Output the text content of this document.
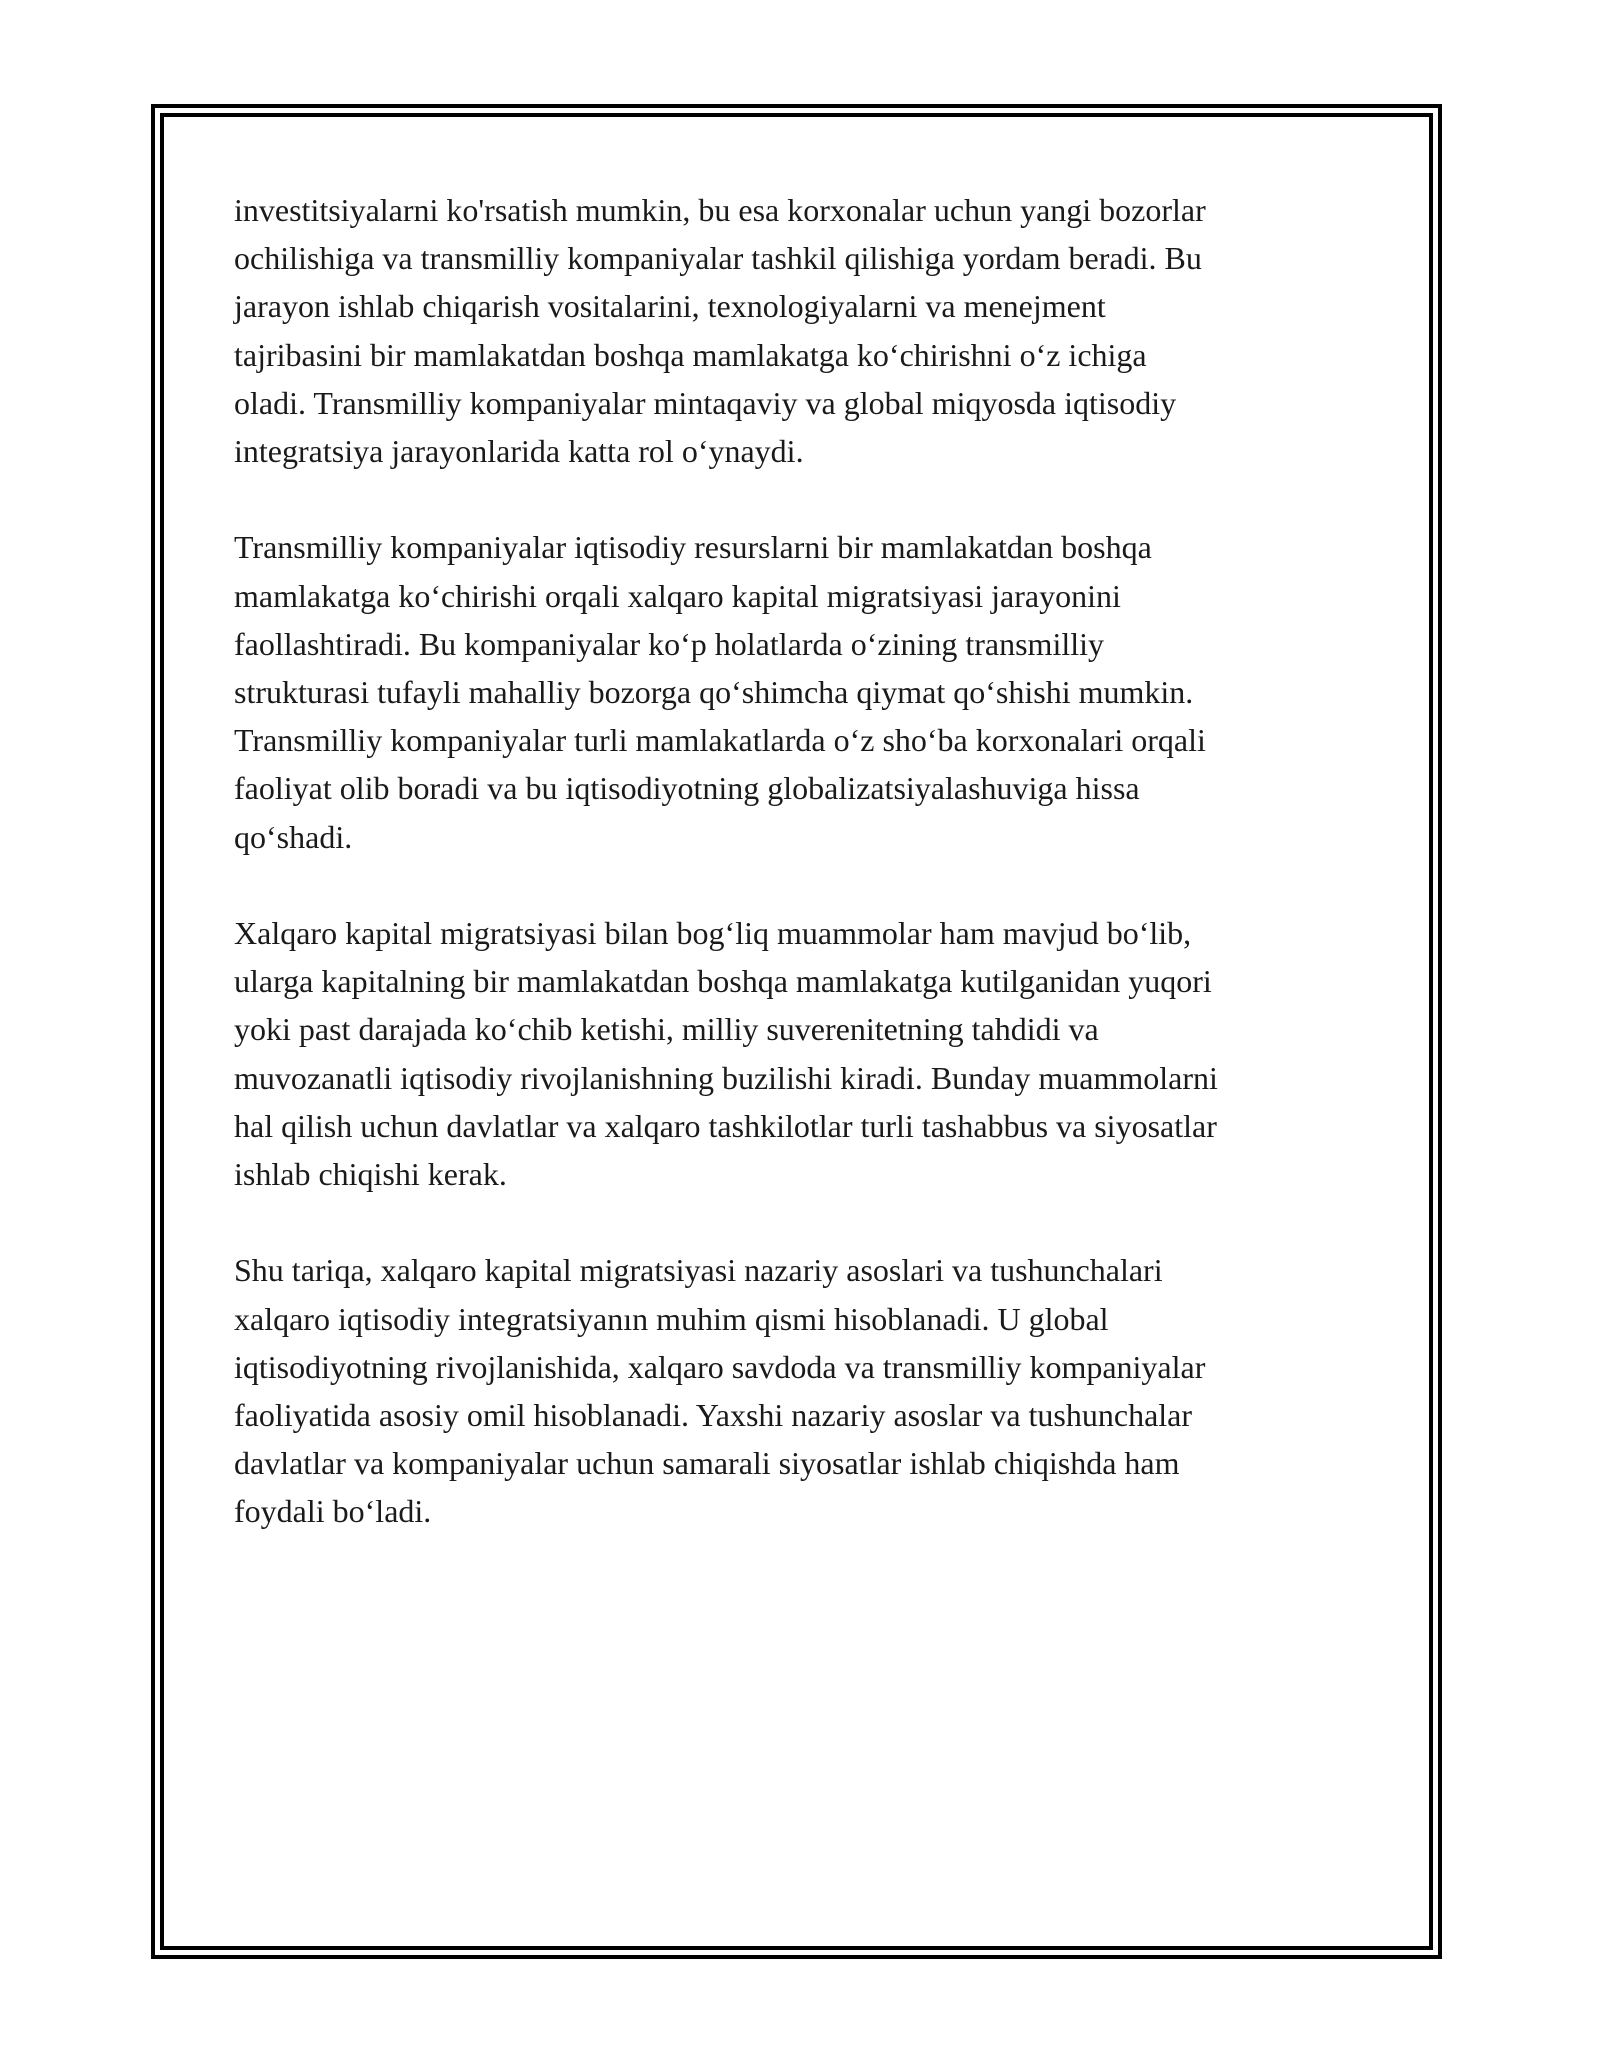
investitsiyalarni ko'rsatish mumkin, bu esa korxonalar uchun yangi bozorlar
ochilishiga va transmilliy kompaniyalar tashkil qilishiga yordam beradi. Bu
jarayon ishlab chiqarish vositalarini, texnologiyalarni va menejment
tajribasini bir mamlakatdan boshqa mamlakatga koʻchirishni oʻz ichiga
oladi. Transmilliy kompaniyalar mintaqaviy va global miqyosda iqtisodiy
integratsiya jarayonlarida katta rol oʻynaydi.

Transmilliy kompaniyalar iqtisodiy resurslarni bir mamlakatdan boshqa
mamlakatga koʻchirishi orqali xalqaro kapital migratsiyasi jarayonini
faollashtiradi. Bu kompaniyalar koʻp holatlarda oʻzining transmilliy
strukturasi tufayli mahalliy bozorga qoʻshimcha qiymat qoʻshishi mumkin.
Transmilliy kompaniyalar turli mamlakatlarda oʻz shoʻba korxonalari orqali
faoliyat olib boradi va bu iqtisodiyotning globalizatsiyalashuviga hissa
qoʻshadi.

Xalqaro kapital migratsiyasi bilan bogʻliq muammolar ham mavjud boʻlib,
ularga kapitalning bir mamlakatdan boshqa mamlakatga kutilganidan yuqori
yoki past darajada koʻchib ketishi, milliy suverenitetning tahdidi va
muvozanatli iqtisodiy rivojlanishning buzilishi kiradi. Bunday muammolarni
hal qilish uchun davlatlar va xalqaro tashkilotlar turli tashabbus va siyosatlar
ishlab chiqishi kerak.

Shu tariqa, xalqaro kapital migratsiyasi nazariy asoslari va tushunchalari
xalqaro iqtisodiy integratsiyanın muhim qismi hisoblanadi. U global
iqtisodiyotning rivojlanishida, xalqaro savdoda va transmilliy kompaniyalar
faoliyatida asosiy omil hisoblanadi. Yaxshi nazariy asoslar va tushunchalar
davlatlar va kompaniyalar uchun samarali siyosatlar ishlab chiqishda ham
foydali boʻladi.
